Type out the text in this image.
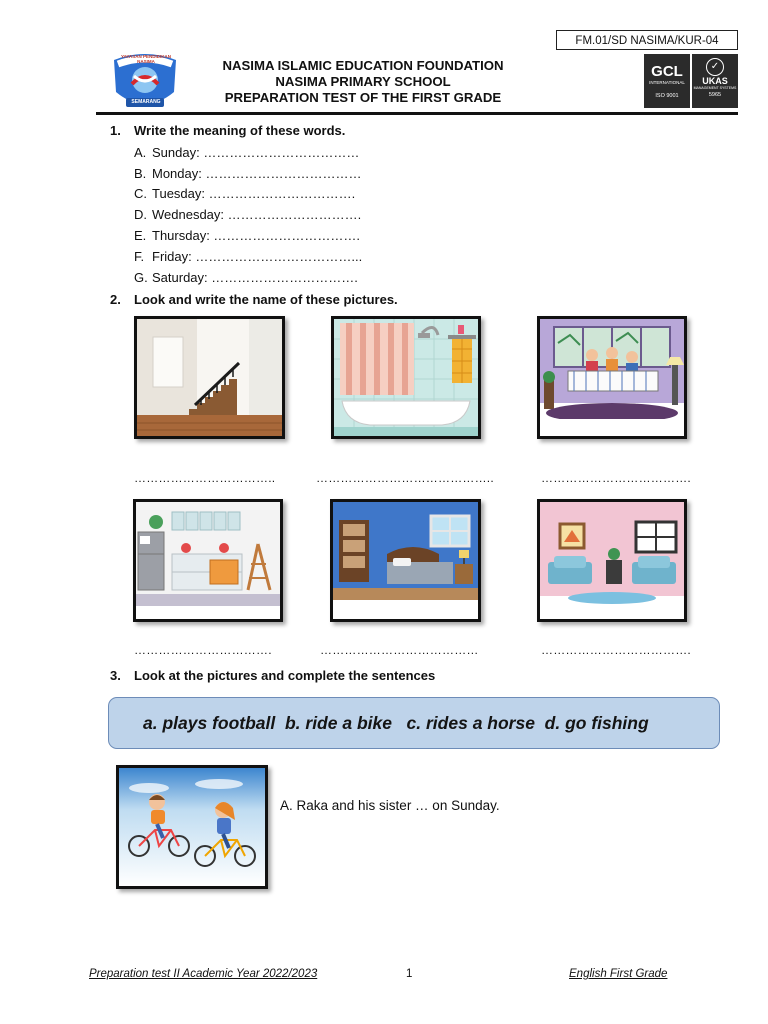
FM.01/SD NASIMA/KUR-04
YAYASAN PENDIDIKAN NASIMA
SEMARANG
NASIMA ISLAMIC EDUCATION FOUNDATION
NASIMA PRIMARY SCHOOL
PREPARATION TEST OF THE FIRST GRADE
GCL
INTERNATIONAL
ISO 9001
✓
UKAS
MANAGEMENT SYSTEMS
5965
1. Write the meaning of these words.
A. Sunday: ………………………………
B. Monday: ………………………………
C. Tuesday: …………………………….
D. Wednesday: ………………………….
E. Thursday: …………………………….
F. Friday: ………………………………...
G. Saturday: …………………………….
2. Look and write the name of these pictures.
……………………………..	……………………………………..	……………………………….
…………………………….	…………………………………	……………………………….
3. Look at the pictures and complete the sentences
a. plays football  b. ride a bike   c. rides a horse  d. go fishing
A. Raka and his sister … on Sunday.
Preparation test II Academic Year 2022/2023	1	English First Grade
